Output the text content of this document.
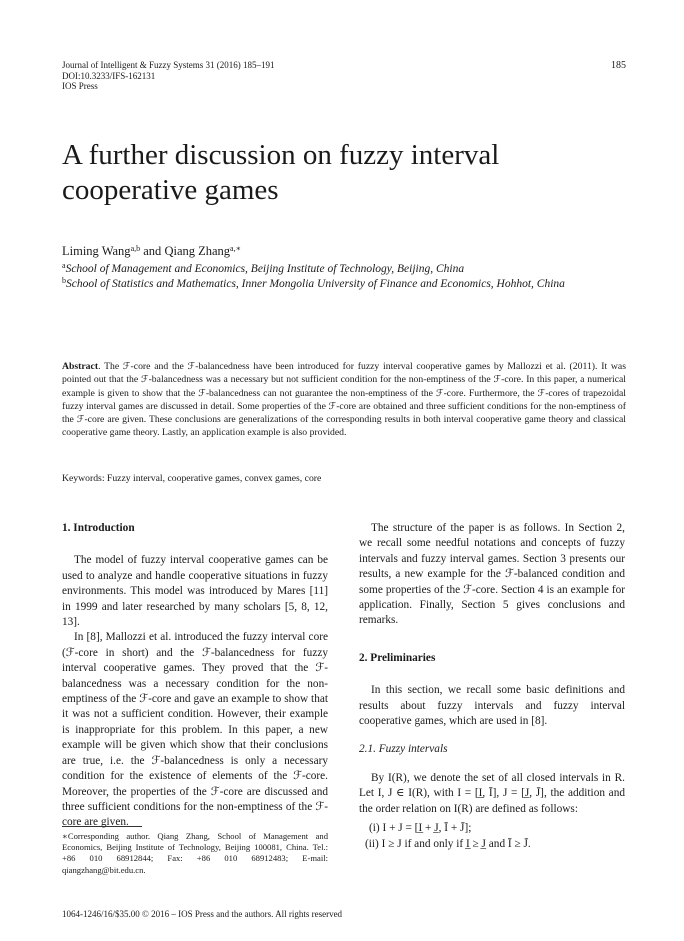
Journal of Intelligent & Fuzzy Systems 31 (2016) 185–191
DOI:10.3233/IFS-162131
IOS Press
185
A further discussion on fuzzy interval
cooperative games
Liming Wang$^{a,b}$ and Qiang Zhang$^{a,∗}$
$^a$School of Management and Economics, Beijing Institute of Technology, Beijing, China
$^b$School of Statistics and Mathematics, Inner Mongolia University of Finance and Economics, Hohhot, China
Abstract. The ℱ-core and the ℱ-balancedness have been introduced for fuzzy interval cooperative games by Mallozzi et al. (2011). It was pointed out that the ℱ-balancedness was a necessary but not sufficient condition for the non-emptiness of the ℱ-core. In this paper, a numerical example is given to show that the ℱ-balancedness can not guarantee the non-emptiness of the ℱ-core. Furthermore, the ℱ-cores of trapezoidal fuzzy interval games are discussed in detail. Some properties of the ℱ-core are obtained and three sufficient conditions for the non-emptiness of the ℱ-core are given. These conclusions are generalizations of the corresponding results in both interval cooperative game theory and classical cooperative game theory. Lastly, an application example is also provided.
Keywords: Fuzzy interval, cooperative games, convex games, core
1. Introduction

The model of fuzzy interval cooperative games can be used to analyze and handle cooperative situations in fuzzy environments. This model was introduced by Mares [11] in 1999 and later researched by many scholars [5, 8, 12, 13].

In [8], Mallozzi et al. introduced the fuzzy interval core (ℱ-core in short) and the ℱ-balancedness for fuzzy interval cooperative games. They proved that the ℱ-balancedness was a necessary condition for the non-emptiness of the ℱ-core and gave an example to show that it was not a sufficient condition. However, their example is inappropriate for this problem. In this paper, a new example will be given which show that their conclusions are true, i.e. the ℱ-balancedness is only a necessary condition for the existence of elements of the ℱ-core. Moreover, the properties of the ℱ-core are discussed and three sufficient conditions for the non-emptiness of the ℱ-core are given.

∗Corresponding author. Qiang Zhang, School of Management and Economics, Beijing Institute of Technology, Beijing 100081, China. Tel.: +86 010 68912844; Fax: +86 010 68912483; E-mail: qiangzhang@bit.edu.cn.

The structure of the paper is as follows. In Section 2, we recall some needful notations and concepts of fuzzy intervals and fuzzy interval games. Section 3 presents our results, a new example for the ℱ-balanced condition and some properties of the ℱ-core. Section 4 is an example for application. Finally, Section 5 gives conclusions and remarks.

2. Preliminaries

In this section, we recall some basic definitions and results about fuzzy intervals and fuzzy interval cooperative games, which are used in [8].

2.1. Fuzzy intervals

By I(R), we denote the set of all closed intervals in R. Let I, J ∈ I(R), with I = [I̲, Ī], J = [J̲, J̄], the addition and the order relation on I(R) are defined as follows:

(i) I + J = [I̲ + J̲, Ī + J̄];
(ii) I ≥ J if and only if I̲ ≥ J̲ and Ī ≥ J̄.
1064-1246/16/$35.00 © 2016 – IOS Press and the authors. All rights reserved
